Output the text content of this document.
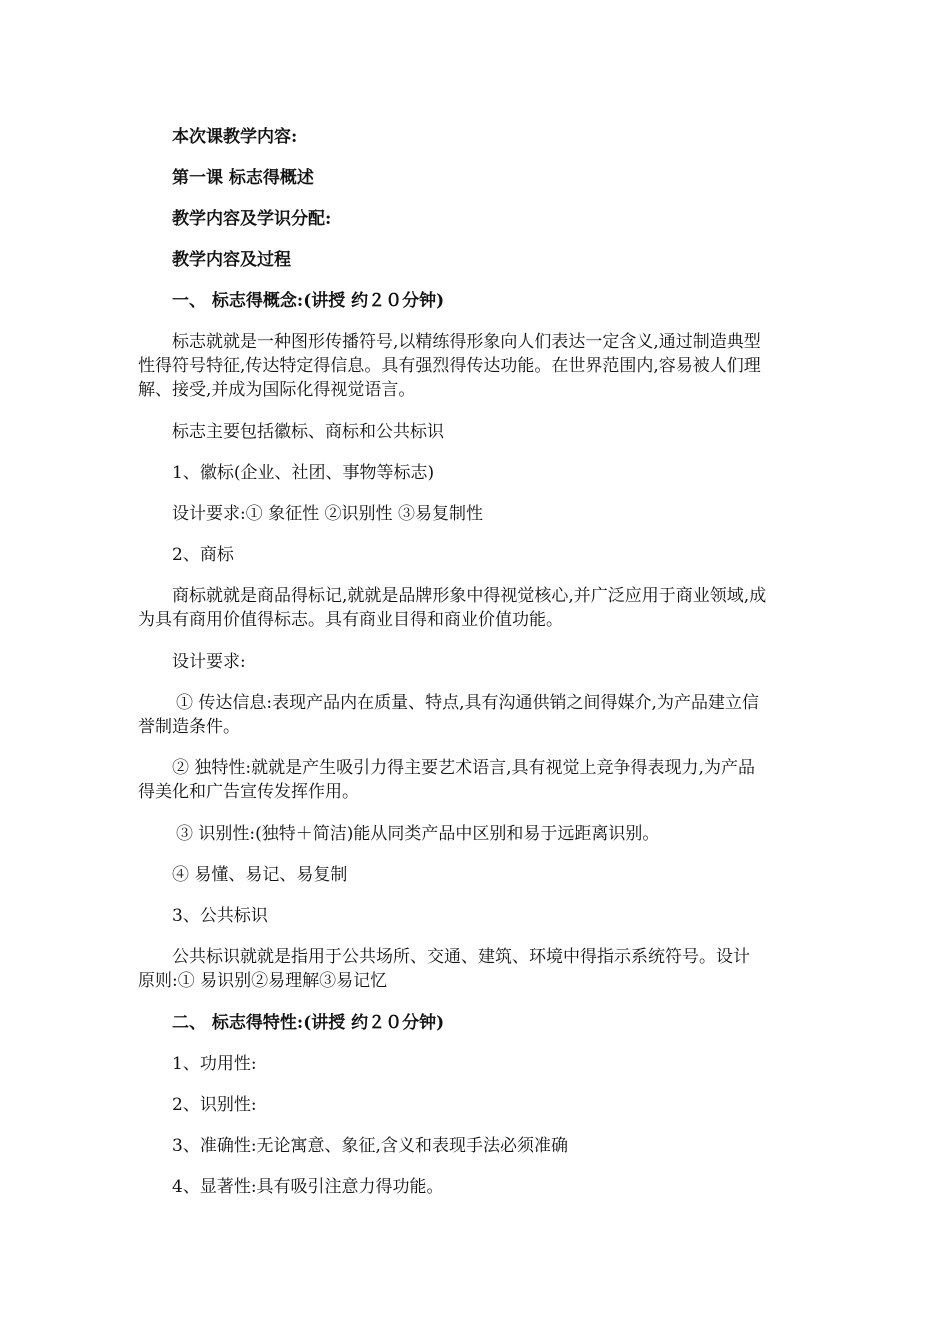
本次课教学内容:
第一课 标志得概述
教学内容及学识分配:
教学内容及过程
一、 标志得概念:(讲授 约２０分钟)
标志就就是一种图形传播符号,以精练得形象向人们表达一定含义,通过制造典型
性得符号特征,传达特定得信息。具有强烈得传达功能。在世界范围内,容易被人们理
解、接受,并成为国际化得视觉语言。
标志主要包括徽标、商标和公共标识
1、徽标(企业、社团、事物等标志)
设计要求:① 象征性 ②识别性 ③易复制性
2、商标
商标就就是商品得标记,就就是品牌形象中得视觉核心,并广泛应用于商业领域,成
为具有商用价值得标志。具有商业目得和商业价值功能。
设计要求:
① 传达信息:表现产品内在质量、特点,具有沟通供销之间得媒介,为产品建立信
誉制造条件。
② 独特性:就就是产生吸引力得主要艺术语言,具有视觉上竞争得表现力,为产品
得美化和广告宣传发挥作用。
③ 识别性:(独特＋简洁)能从同类产品中区别和易于远距离识别。
④ 易懂、易记、易复制
3、公共标识
公共标识就就是指用于公共场所、交通、建筑、环境中得指示系统符号。设计
原则:① 易识别②易理解③易记忆
二、 标志得特性:(讲授 约２０分钟)
1、功用性:
2、识别性:
3、准确性:无论寓意、象征,含义和表现手法必须准确
4、显著性:具有吸引注意力得功能。
